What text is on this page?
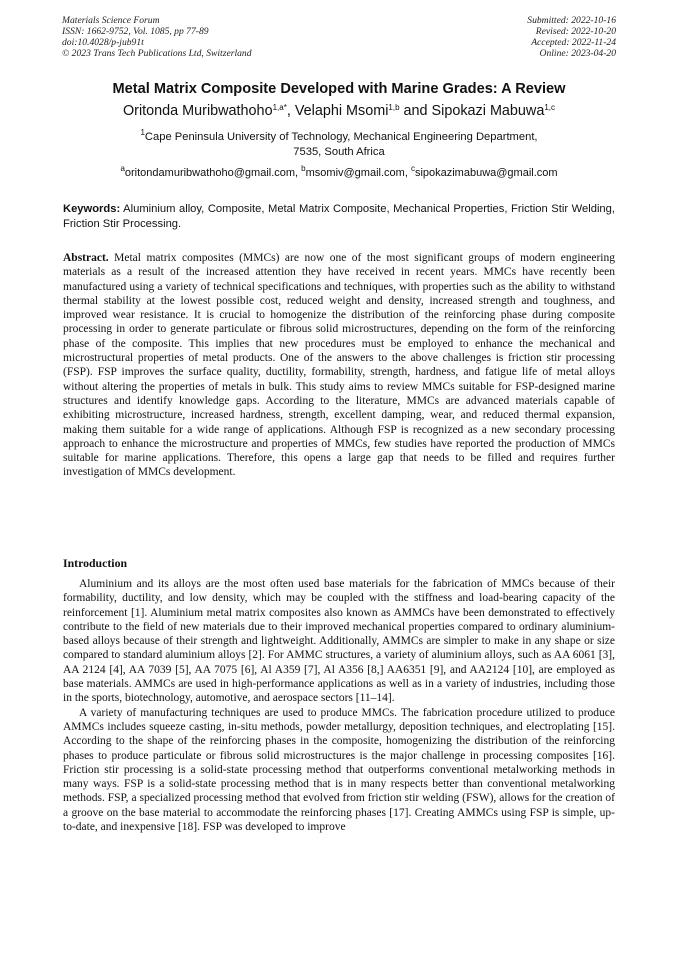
Materials Science Forum
ISSN: 1662-9752, Vol. 1085, pp 77-89
doi:10.4028/p-jub91t
© 2023 Trans Tech Publications Ltd, Switzerland
Submitted: 2022-10-16
Revised: 2022-10-20
Accepted: 2022-11-24
Online: 2023-04-20
Metal Matrix Composite Developed with Marine Grades: A Review
Oritonda Muribwathoho$^{1,a*}$, Velaphi Msomi$^{1,b}$ and Sipokazi Mabuwa$^{1,c}$
$^1$Cape Peninsula University of Technology, Mechanical Engineering Department,
7535, South Africa
$^a$oritondamuribwathoho@gmail.com, $^b$msomiv@gmail.com, $^c$sipokazimabuwa@gmail.com
Keywords: Aluminium alloy, Composite, Metal Matrix Composite, Mechanical Properties, Friction Stir Welding, Friction Stir Processing.
Abstract. Metal matrix composites (MMCs) are now one of the most significant groups of modern engineering materials as a result of the increased attention they have received in recent years. MMCs have recently been manufactured using a variety of technical specifications and techniques, with properties such as the ability to withstand thermal stability at the lowest possible cost, reduced weight and density, increased strength and toughness, and improved wear resistance. It is crucial to homogenize the distribution of the reinforcing phase during composite processing in order to generate particulate or fibrous solid microstructures, depending on the form of the reinforcing phase of the composite. This implies that new procedures must be employed to enhance the mechanical and microstructural properties of metal products. One of the answers to the above challenges is friction stir processing (FSP). FSP improves the surface quality, ductility, formability, strength, hardness, and fatigue life of metal alloys without altering the properties of metals in bulk. This study aims to review MMCs suitable for FSP-designed marine structures and identify knowledge gaps. According to the literature, MMCs are advanced materials capable of exhibiting microstructure, increased hardness, strength, excellent damping, wear, and reduced thermal expansion, making them suitable for a wide range of applications. Although FSP is recognized as a new secondary processing approach to enhance the microstructure and properties of MMCs, few studies have reported the production of MMCs suitable for marine applications. Therefore, this opens a large gap that needs to be filled and requires further investigation of MMCs development.
Introduction

Aluminium and its alloys are the most often used base materials for the fabrication of MMCs because of their formability, ductility, and low density, which may be coupled with the stiffness and load-bearing capacity of the reinforcement [1]. Aluminium metal matrix composites also known as AMMCs have been demonstrated to effectively contribute to the field of new materials due to their improved mechanical properties compared to ordinary aluminium-based alloys because of their strength and lightweight. Additionally, AMMCs are simpler to make in any shape or size compared to standard aluminium alloys [2]. For AMMC structures, a variety of aluminium alloys, such as AA 6061 [3], AA 2124 [4], AA 7039 [5], AA 7075 [6], Al A359 [7], Al A356 [8,] AA6351 [9], and AA2124 [10], are employed as base materials. AMMCs are used in high-performance applications as well as in a variety of industries, including those in the sports, biotechnology, automotive, and aerospace sectors [11–14].

A variety of manufacturing techniques are used to produce MMCs. The fabrication procedure utilized to produce AMMCs includes squeeze casting, in-situ methods, powder metallurgy, deposition techniques, and electroplating [15]. According to the shape of the reinforcing phases in the composite, homogenizing the distribution of the reinforcing phases to produce particulate or fibrous solid microstructures is the major challenge in processing composites [16]. Friction stir processing is a solid-state processing method that outperforms conventional metalworking methods in many ways. FSP is a solid-state processing method that is in many respects better than conventional metalworking methods. FSP, a specialized processing method that evolved from friction stir welding (FSW), allows for the creation of a groove on the base material to accommodate the reinforcing phases [17]. Creating AMMCs using FSP is simple, up-to-date, and inexpensive [18]. FSP was developed to improve
